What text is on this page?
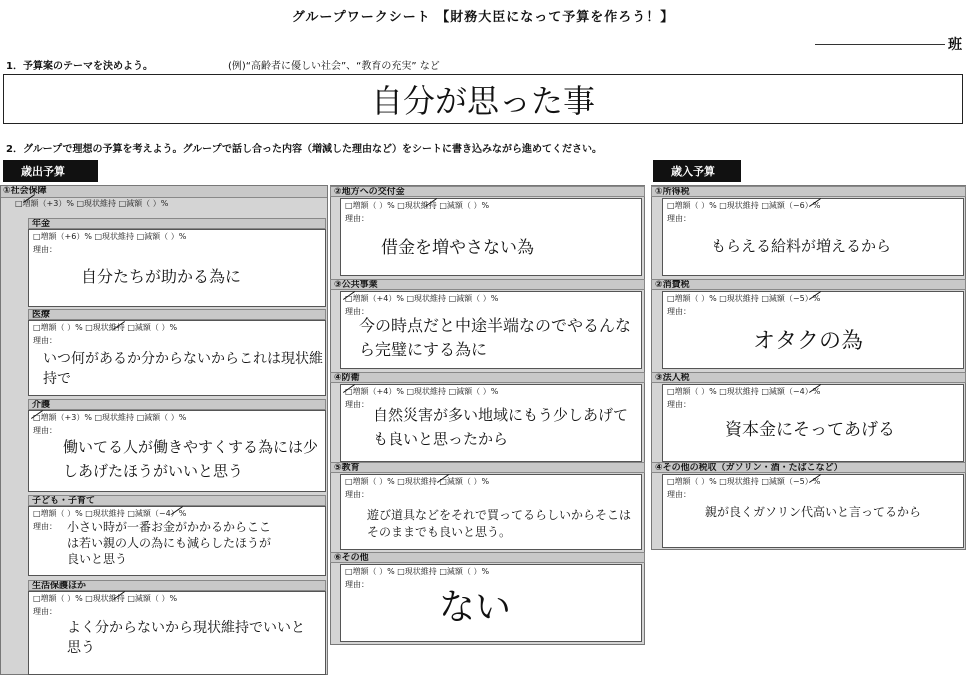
グループワークシート 【財務大臣になって予算を作ろう！】
班
1．予算案のテーマを決めよう。	(例)“高齢者に優しい社会”、“教育の充実” など
自分が思った事
2．グループで理想の予算を考えよう。グループで話し合った内容（増減した理由など）をシートに書き込みながら進めてください。
歳出予算
①社会保障
□増額（+3）% □現状維持 □減額（ ）%
年金
□増額（+6）% □現状維持 □減額（ ）%
理由：
自分たちが助かる為に
医療
□増額（ ）% □現状維持 □減額（ ）%
理由：
いつ何があるか分からないからこれは現状維持で
介護
□増額（+3）% □現状維持 □減額（ ）%
理由：
働いてる人が働きやすくする為には少しあげたほうがいいと思う
子ども・子育て
□増額（ ）% □現状維持 □減額（−4）%
理由： 小さい時が一番お金がかかるからここは若い親の人の為にも減らしたほうが良いと思う
生活保護ほか
□増額（ ）% □現状維持 □減額（ ）%
理由：
よく分からないから現状維持でいいと思う
②地方への交付金
□増額（ ）% □現状維持 □減額（ ）%
理由：
借金を増やさない為
③公共事業
□増額（+4）% □現状維持 □減額（ ）%
理由：
今の時点だと中途半端なのでやるんなら完璧にする為に
④防衛
□増額（+4）% □現状維持 □減額（ ）%
理由：
自然災害が多い地域にもう少しあげても良いと思ったから
⑤教育
□増額（ ）% □現状維持 □減額（ ）%
理由：
遊び道具などをそれで買ってるらしいからそこはそのままでも良いと思う。
⑥その他
□増額（ ）% □現状維持 □減額（ ）%
理由：
ない
歳入予算
①所得税
□増額（ ）% □現状維持 □減額（−6）%
理由：
もらえる給料が増えるから
②消費税
□増額（ ）% □現状維持 □減額（−5）%
理由：
オタクの為
③法人税
□増額（ ）% □現状維持 □減額（−4）%
理由：
資本金にそってあげる
④その他の税収（ガソリン・酒・たばこなど）
□増額（ ）% □現状維持 □減額（−5）%
理由：
親が良くガソリン代高いと言ってるから
